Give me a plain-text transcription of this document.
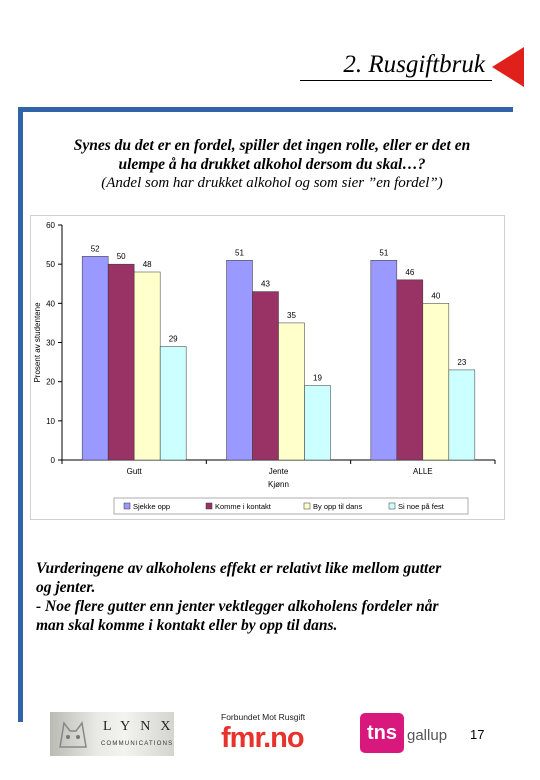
2. Rusgiftbruk
Synes du det er en fordel, spiller det ingen rolle, eller er det en
ulempe å ha drukket alkohol dersom du skal…?
(Andel som har drukket alkohol og som sier ”en fordel”)
0
10
20
30
40
50
60
Prosent av studentene
52
50
48
29
Gutt
51
43
35
19
Jente
51
46
40
23
ALLE
Kjønn
Sjekke opp	Komme i kontakt	By opp til dans	Si noe på fest
Vurderingene av alkoholens effekt er relativt like mellom gutter
og jenter.
- Noe flere gutter enn jenter vektlegger alkoholens fordeler når
man skal komme i kontakt eller by opp til dans.
LYNX
COMMUNICATIONS
Forbundet Mot Rusgift
fmr.no	tns gallup 17
